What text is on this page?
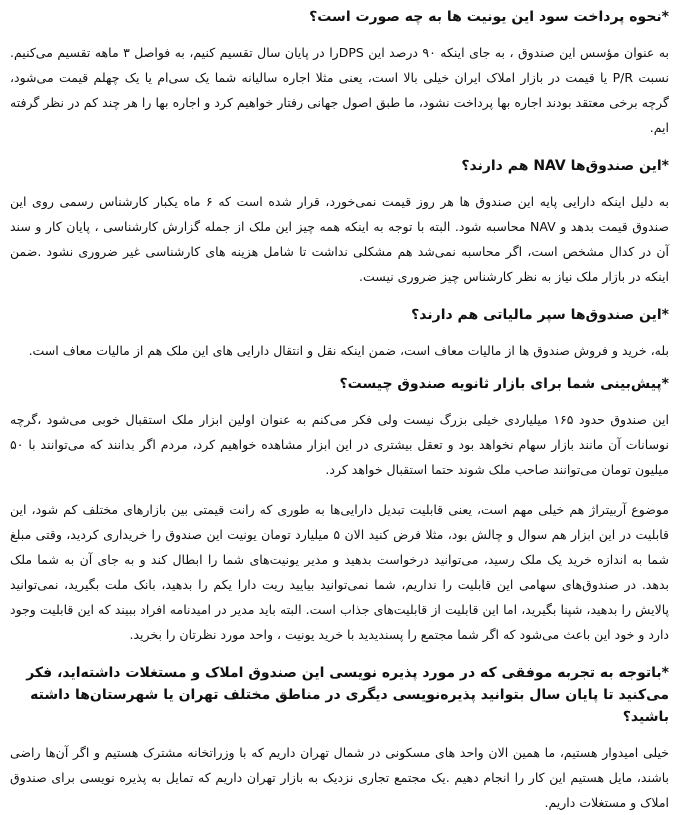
*نحوه پرداخت سود این یونیت ها به چه صورت است؟
به عنوان مؤسس این صندوق ، به جای اینکه ۹۰ درصد این DPSرا در پایان سال تقسیم کنیم، به فواصل ۳ ماهه تقسیم می‌کنیم. نسبت P/R یا قیمت در بازار املاک ایران خیلی بالا است، یعنی مثلا اجاره سالیانه شما یک سی‌ام یا یک چهلم قیمت می‌شود، گرچه برخی معتقد بودند اجاره بها پرداخت نشود، ما طبق اصول جهانی رفتار خواهیم کرد و اجاره بها را هر چند کم در نظر گرفته ایم.
*این صندوق‌ها NAV هم دارند؟
به دلیل اینکه دارایی پایه این صندوق ها هر روز قیمت نمی‌خورد، قرار شده است که ۶ ماه یکبار کارشناس رسمی روی این صندوق قیمت بدهد و NAV محاسبه شود. البته با توجه به اینکه همه چیز این ملک از جمله گزارش کارشناسی ، پایان کار و سند آن در کدال مشخص است، اگر محاسبه نمی‌شد هم مشکلی نداشت تا شامل هزینه های کارشناسی غیر ضروری نشود .ضمن اینکه در بازار ملک نیاز به نظر کارشناس چیز ضروری نیست.
*این صندوق‌ها سپر مالیاتی هم دارند؟
بله، خرید و فروش صندوق ها از مالیات معاف است، ضمن اینکه نقل و انتقال دارایی های این ملک هم از مالیات معاف است.
*پیش‌بینی شما برای بازار ثانویه صندوق چیست؟
این صندوق حدود ۱۶۵ میلیاردی خیلی بزرگ نیست ولی فکر می‌کنم به عنوان اولین ابزار ملک استقبال خوبی می‌شود ،گرچه نوسانات آن مانند بازار سهام نخواهد بود و تعقل بیشتری در این ابزار مشاهده خواهیم کرد، مردم اگر بدانند که می‌توانند با ۵۰ میلیون تومان می‌توانند صاحب ملک شوند حتما استقبال خواهد کرد.
موضوع آربیتراژ هم خیلی مهم است، یعنی قابلیت تبدیل دارایی‌ها به طوری که رانت قیمتی بین بازارهای مختلف کم شود، این قابلیت در این ابزار هم سوال و چالش بود، مثلا فرض کنید الان ۵ میلیارد تومان یونیت این صندوق را خریداری کردید، وقتی مبلغ شما به اندازه خرید یک ملک رسید، می‌توانید درخواست بدهید و مدیر یونیت‌های شما را ابطال کند و به جای آن به شما ملک بدهد. در صندوق‌های سهامی این قابلیت را نداریم، شما نمی‌توانید بیایید ریت دارا یکم را بدهید، بانک ملت بگیرید، نمی‌توانید پالایش را بدهید، شپنا بگیرید، اما این قابلیت از قابلیت‌های جذاب است. البته باید مدیر در امیدنامه افراد ببیند که این قابلیت وجود دارد و خود این باعث می‌شود که اگر شما مجتمع را پسندیدید با خرید یونیت ، واحد مورد نظرتان را بخرید.
*باتوجه به تجربه موفقی که در مورد پذیره نویسی این صندوق املاک و مستغلات داشته‌اید، فکر می‌کنید تا پایان سال بتوانید پذیره‌نویسی دیگری در مناطق مختلف تهران یا شهرستان‌ها داشته باشید؟
خیلی امیدوار هستیم، ما همین الان واحد های مسکونی در شمال تهران داریم که با وزراتخانه مشترک هستیم و اگر آن‌ها راضی باشند، مایل هستیم این کار را انجام دهیم .یک مجتمع تجاری نزدیک به بازار تهران داریم که تمایل به پذیره نویسی برای صندوق املاک و مستغلات داریم.
